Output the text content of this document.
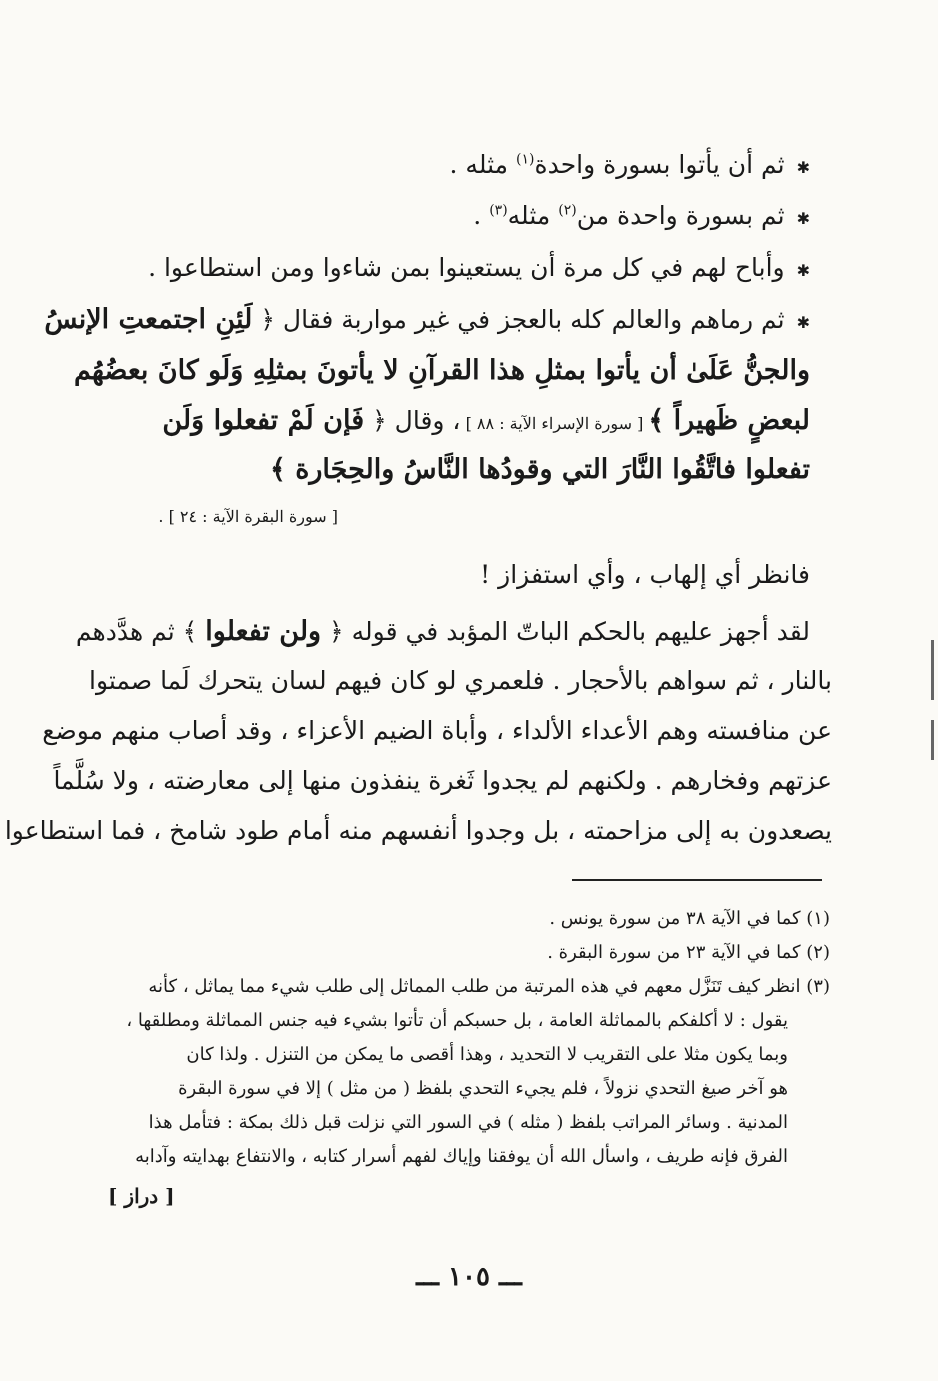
✱ثم أن يأتوا بسورة واحدة$^{(١)}$ مثله .
✱ثم بسورة واحدة من$^{(٢)}$ مثله$^{(٣)}$ .
✱وأباح لهم في كل مرة أن يستعينوا بمن شاءوا ومن استطاعوا .
✱ثم رماهم والعالم كله بالعجز في غير مواربة فقال ﴿ لَئِنِ اجتمعتِ الإنسُ
والجنُّ عَلَىٰ أن يأتوا بمثلِ هذا القرآنِ لا يأتونَ بمثلِهِ وَلَو كانَ بعضُهُم
لبعضٍ ظَهيراً ﴾ [ سورة الإسراء الآية : ٨٨ ] ، وقال ﴿ فَإن لَمْ تفعلوا وَلَن
تفعلوا فاتَّقُوا النَّارَ التي وقودُها النَّاسُ والحِجَارة ﴾
[ سورة البقرة الآية : ٢٤ ] .
فانظر أي إلهاب ، وأي استفزاز !
لقد أجهز عليهم بالحكم الباتّ المؤبد في قوله ﴿ ولن تفعلوا ﴾ ثم هدَّدهم
بالنار ، ثم سواهم بالأحجار . فلعمري لو كان فيهم لسان يتحرك لَما صمتوا
عن منافسته وهم الأعداء الألداء ، وأباة الضيم الأعزاء ، وقد أصاب منهم موضع
عزتهم وفخارهم . ولكنهم لم يجدوا ثَغرة ينفذون منها إلى معارضته ، ولا سُلَّماً
يصعدون به إلى مزاحمته ، بل وجدوا أنفسهم منه أمام طود شامخ ، فما استطاعوا
(١) كما في الآية ٣٨ من سورة يونس .
(٢) كما في الآية ٢٣ من سورة البقرة .
(٣) انظر كيف تَنَزَّل معهم في هذه المرتبة من طلب المماثل إلى طلب شيء مما يماثل ، كأنه
يقول : لا أكلفكم بالمماثلة العامة ، بل حسبكم أن تأتوا بشيء فيه جنس المماثلة ومطلقها ،
وبما يكون مثلا على التقريب لا التحديد ، وهذا أقصى ما يمكن من التنزل . ولذا كان
هو آخر صيغ التحدي نزولاً ، فلم يجيء التحدي بلفظ ( من مثل ) إلا في سورة البقرة
المدنية . وسائر المراتب بلفظ ( مثله ) في السور التي نزلت قبل ذلك بمكة : فتأمل هذا
الفرق فإنه طريف ، واسأل الله أن يوفقنا وإياك لفهم أسرار كتابه ، والانتفاع بهدايته وآدابه
[ دراز ]
ـــ ١٠٥ ـــ
